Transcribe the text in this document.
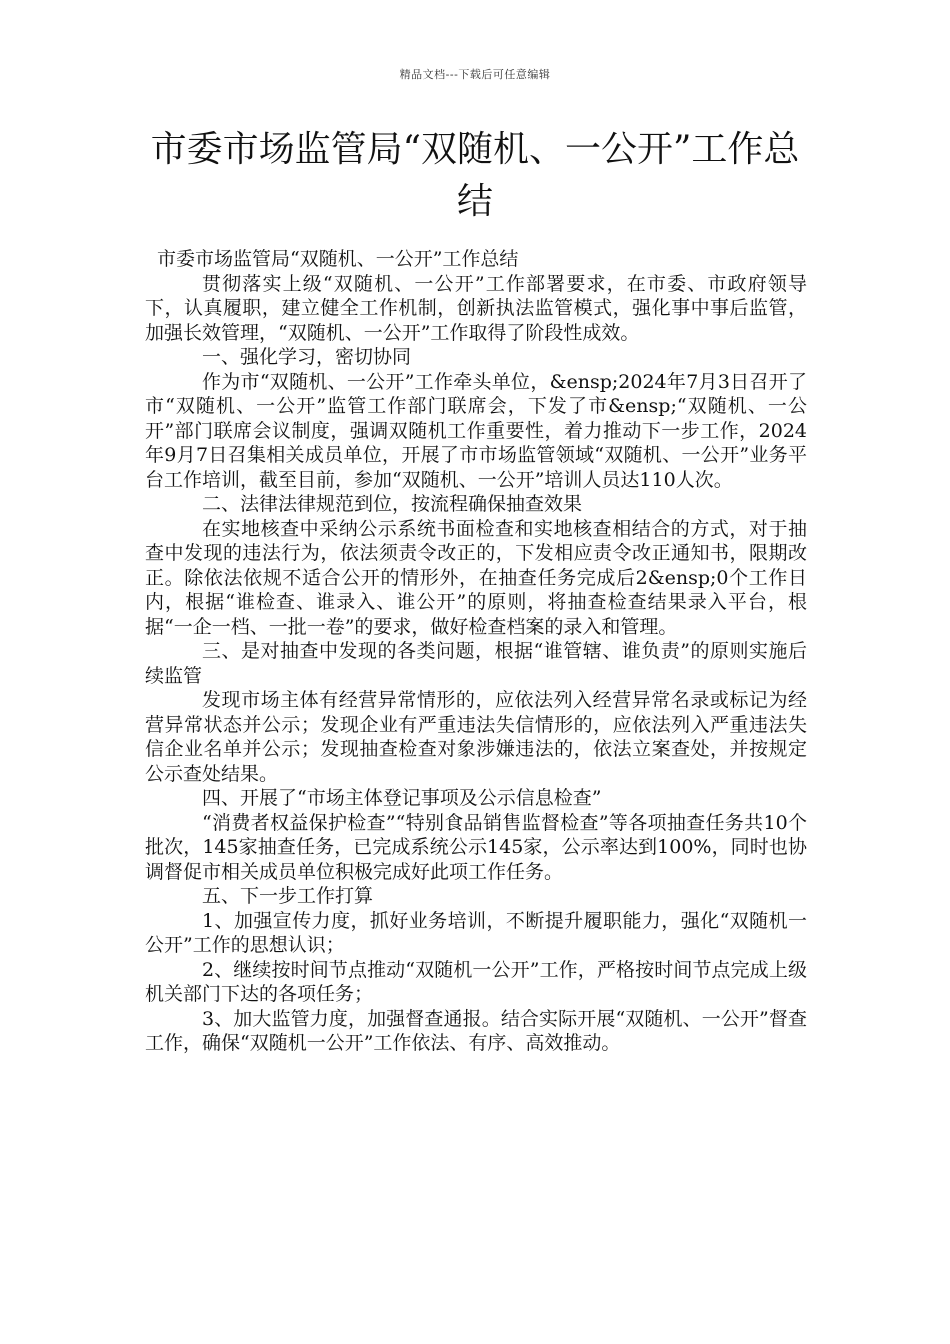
精品文档---下载后可任意编辑
市委市场监管局“双随机、一公开”工作总结

市委市场监管局“双随机、一公开”工作总结

贯彻落实上级“双随机、一公开”工作部署要求，在市委、市政府领导下，认真履职，建立健全工作机制，创新执法监管模式，强化事中事后监管，加强长效管理，“双随机、一公开”工作取得了阶段性成效。

一、强化学习，密切协同

作为市“双随机、一公开”工作牵头单位，&ensp;2024年7月3日召开了市“双随机、一公开”监管工作部门联席会，下发了市&ensp;“双随机、一公开”部门联席会议制度，强调双随机工作重要性，着力推动下一步工作，2024年9月7日召集相关成员单位，开展了市市场监管领域“双随机、一公开”业务平台工作培训，截至目前，参加“双随机、一公开”培训人员达110人次。

二、法律法律规范到位，按流程确保抽查效果

在实地核查中采纳公示系统书面检查和实地核查相结合的方式，对于抽查中发现的违法行为，依法须责令改正的，下发相应责令改正通知书，限期改正。除依法依规不适合公开的情形外，在抽查任务完成后2&ensp;0个工作日内，根据“谁检查、谁录入、谁公开”的原则，将抽查检查结果录入平台，根据“一企一档、一批一卷”的要求，做好检查档案的录入和管理。

三、是对抽查中发现的各类问题，根据“谁管辖、谁负责”的原则实施后续监管

发现市场主体有经营异常情形的，应依法列入经营异常名录或标记为经营异常状态并公示；发现企业有严重违法失信情形的，应依法列入严重违法失信企业名单并公示；发现抽查检查对象涉嫌违法的，依法立案查处，并按规定公示查处结果。

四、开展了“市场主体登记事项及公示信息检查”

“消费者权益保护检查”“特别食品销售监督检查”等各项抽查任务共10个批次，145家抽查任务，已完成系统公示145家，公示率达到100%，同时也协调督促市相关成员单位积极完成好此项工作任务。

五、下一步工作打算

1、加强宣传力度，抓好业务培训，不断提升履职能力，强化“双随机一公开”工作的思想认识；

2、继续按时间节点推动“双随机一公开”工作，严格按时间节点完成上级机关部门下达的各项任务；

3、加大监管力度，加强督查通报。结合实际开展“双随机、一公开”督查工作，确保“双随机一公开”工作依法、有序、高效推动。
